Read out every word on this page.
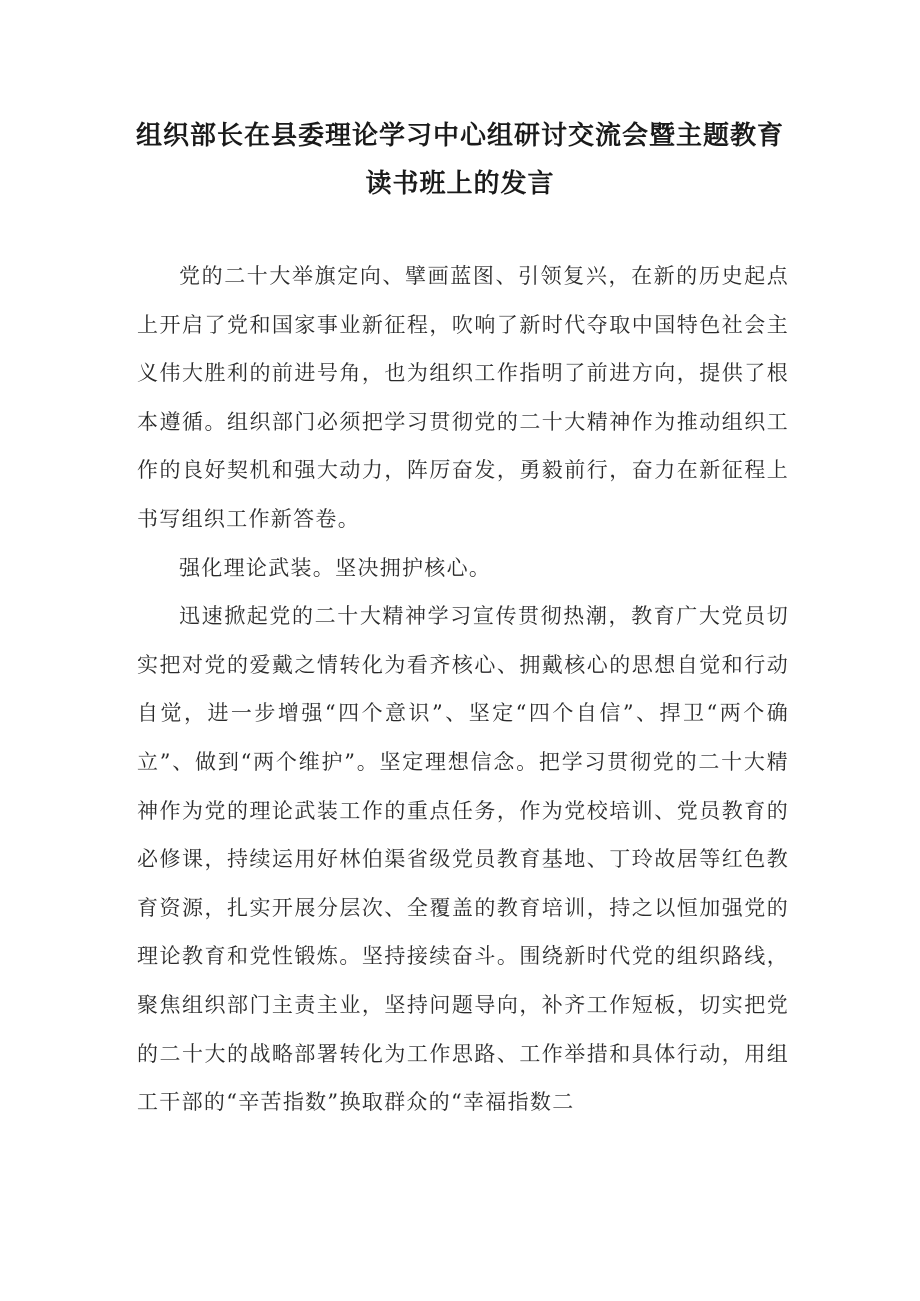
组织部长在县委理论学习中心组研讨交流会暨主题教育读书班上的发言

党的二十大举旗定向、擘画蓝图、引领复兴，在新的历史起点上开启了党和国家事业新征程，吹响了新时代夺取中国特色社会主义伟大胜利的前进号角，也为组织工作指明了前进方向，提供了根本遵循。组织部门必须把学习贯彻党的二十大精神作为推动组织工作的良好契机和强大动力，阵厉奋发，勇毅前行，奋力在新征程上书写组织工作新答卷。

强化理论武装。坚决拥护核心。

迅速掀起党的二十大精神学习宣传贯彻热潮，教育广大党员切实把对党的爱戴之情转化为看齐核心、拥戴核心的思想自觉和行动自觉，进一步增强“四个意识”、坚定“四个自信”、捍卫“两个确立”、做到“两个维护”。坚定理想信念。把学习贯彻党的二十大精神作为党的理论武装工作的重点任务，作为党校培训、党员教育的必修课，持续运用好林伯渠省级党员教育基地、丁玲故居等红色教育资源，扎实开展分层次、全覆盖的教育培训，持之以恒加强党的理论教育和党性锻炼。坚持接续奋斗。围绕新时代党的组织路线，聚焦组织部门主责主业，坚持问题导向，补齐工作短板，切实把党的二十大的战略部署转化为工作思路、工作举措和具体行动，用组工干部的“辛苦指数”换取群众的“幸福指数二
